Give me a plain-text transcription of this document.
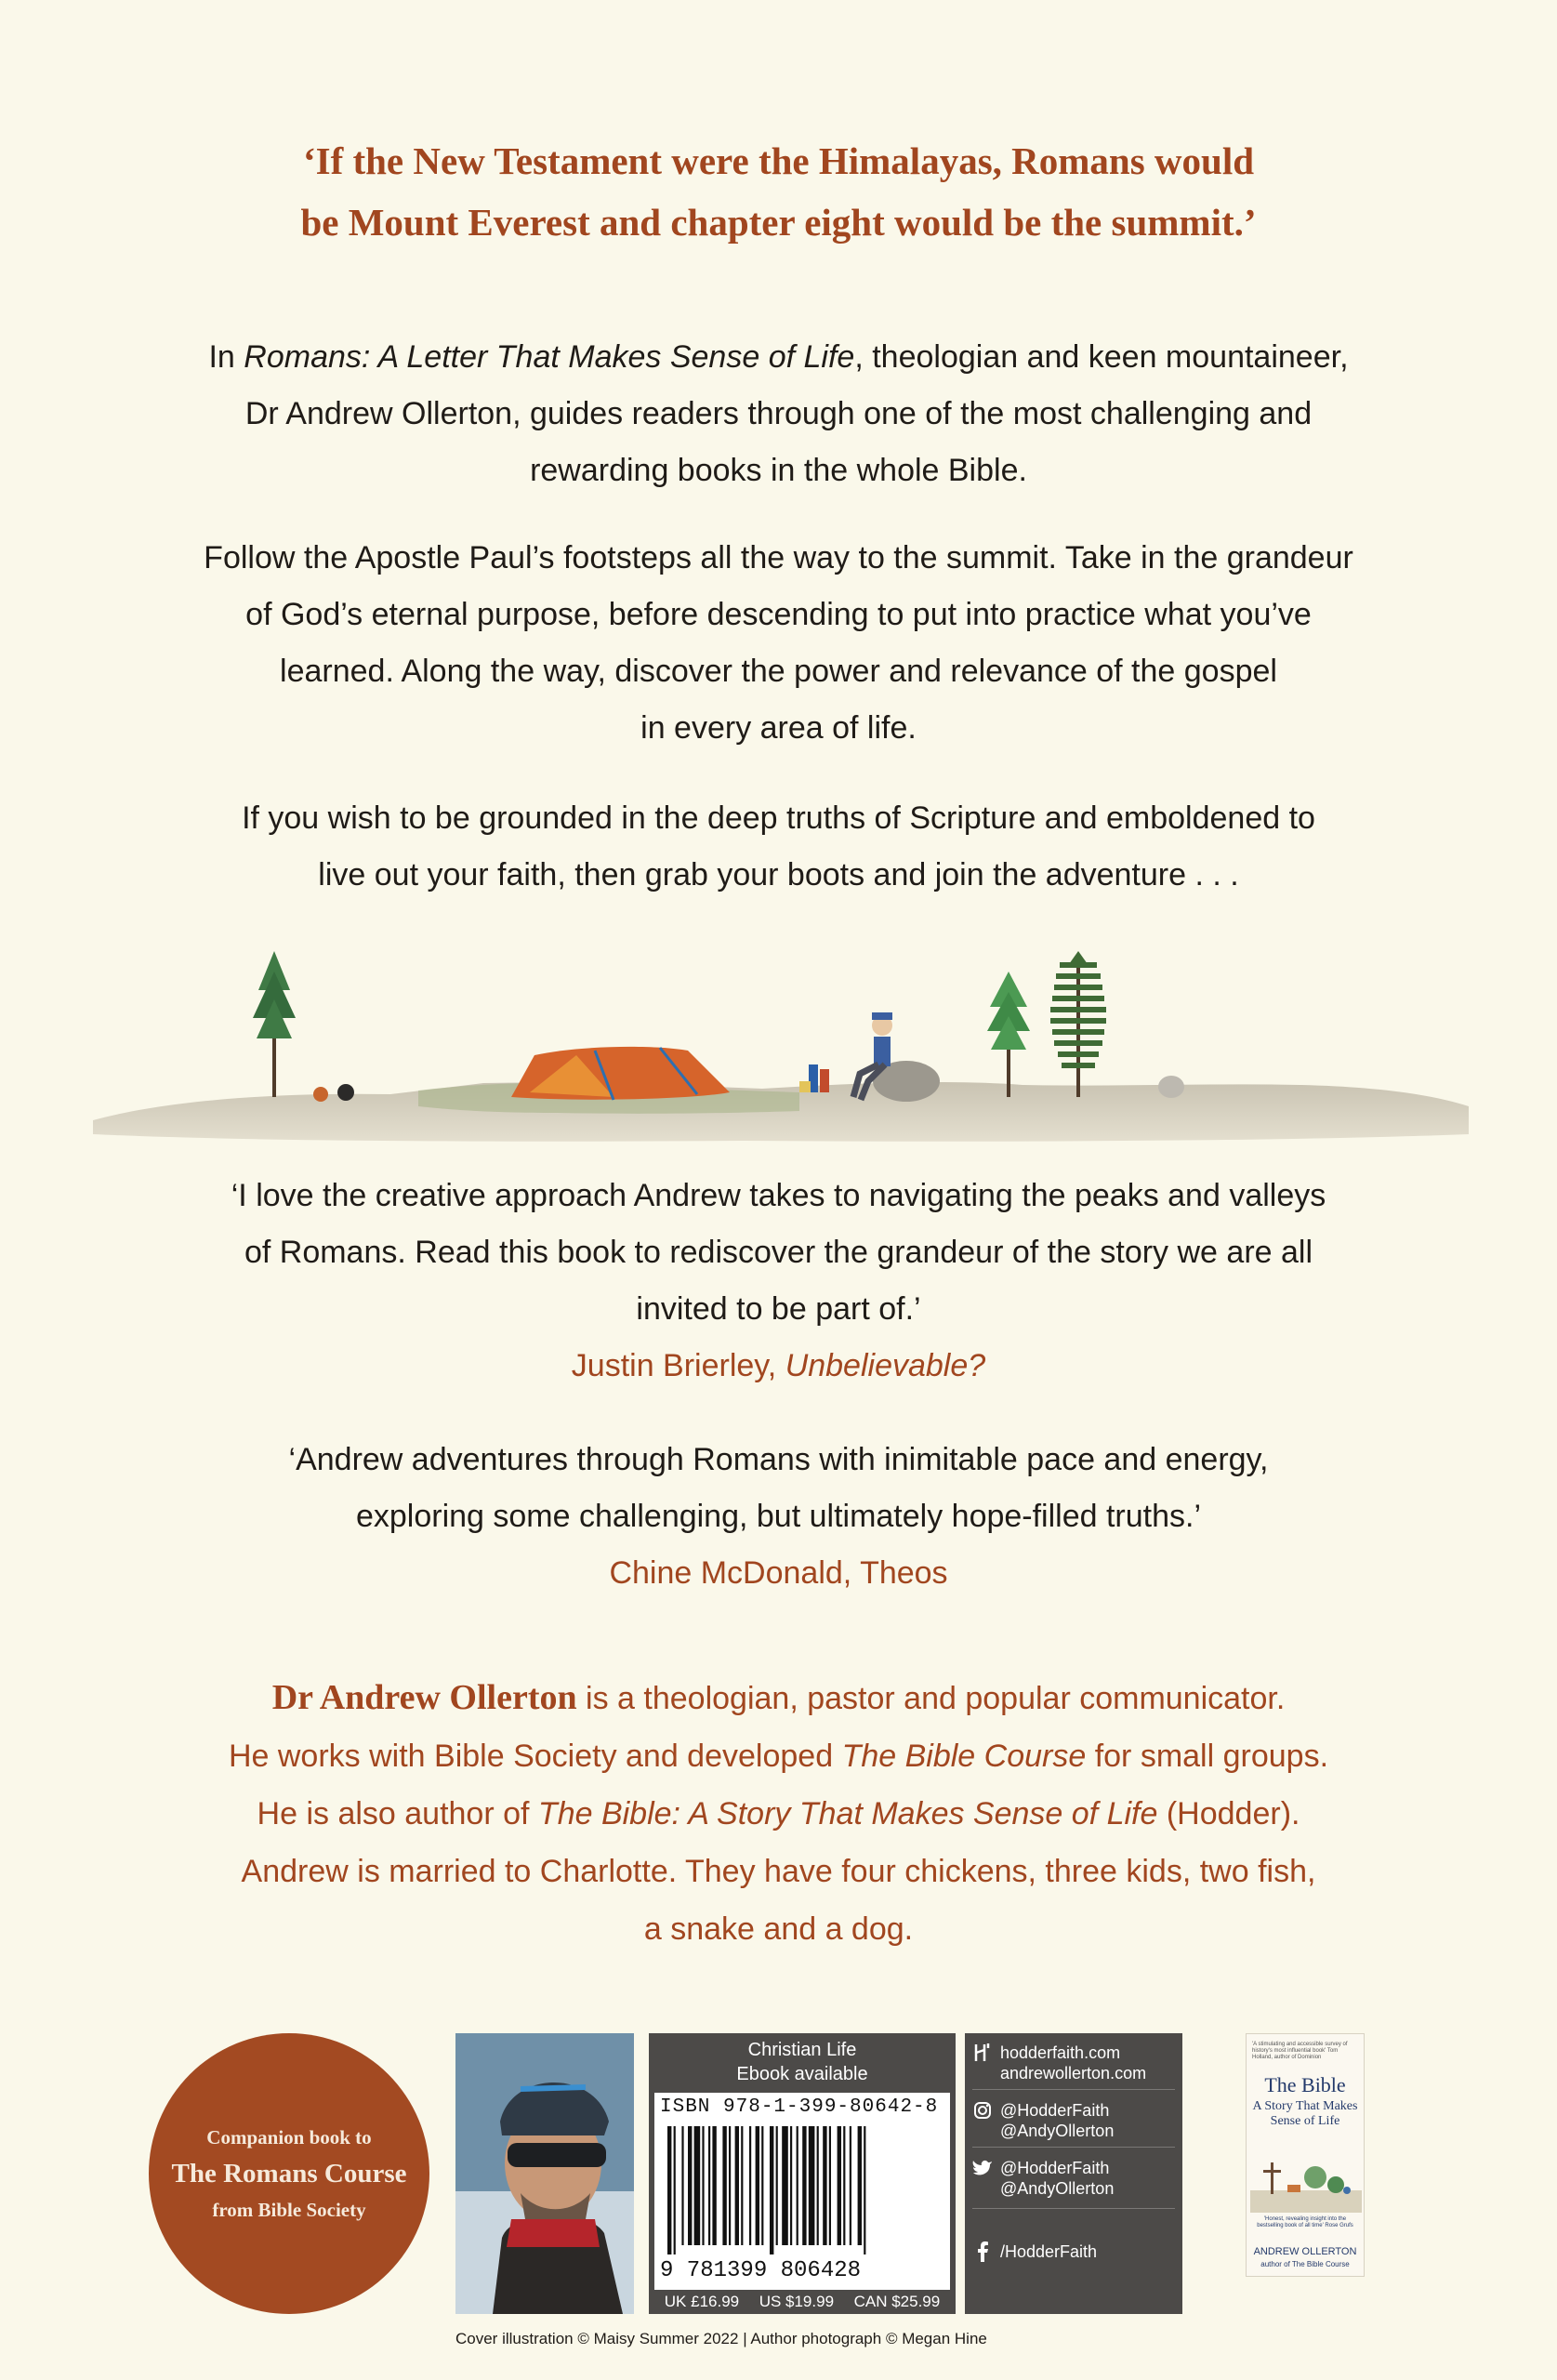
‘If the New Testament were the Himalayas, Romans would
be Mount Everest and chapter eight would be the summit.’
In Romans: A Letter That Makes Sense of Life, theologian and keen mountaineer,
Dr Andrew Ollerton, guides readers through one of the most challenging and
rewarding books in the whole Bible.
Follow the Apostle Paul’s footsteps all the way to the summit. Take in the grandeur
of God’s eternal purpose, before descending to put into practice what you’ve
learned. Along the way, discover the power and relevance of the gospel
in every area of life.
If you wish to be grounded in the deep truths of Scripture and emboldened to
live out your faith, then grab your boots and join the adventure . . .
‘I love the creative approach Andrew takes to navigating the peaks and valleys
of Romans. Read this book to rediscover the grandeur of the story we are all
invited to be part of.’
Justin Brierley, Unbelievable?
‘Andrew adventures through Romans with inimitable pace and energy,
exploring some challenging, but ultimately hope-filled truths.’
Chine McDonald, Theos
Dr Andrew Ollerton is a theologian, pastor and popular communicator.
He works with Bible Society and developed The Bible Course for small groups.
He is also author of The Bible: A Story That Makes Sense of Life (Hodder).
Andrew is married to Charlotte. They have four chickens, three kids, two fish,
a snake and a dog.
Companion book to
The Romans Course
from Bible Society
Christian Life
Ebook available
ISBN 978-1-399-80642-8
9 781399 806428
UK £16.99 US $19.99 CAN $25.99
hodderfaith.com
andrewollerton.com
@HodderFaith
@AndyOllerton
@HodderFaith
@AndyOllerton
/HodderFaith
'A stimulating and accessible survey of history's most influential book' Tom Holland, author of Dominion
The Bible
A Story That Makes
Sense of Life
'Honest, revealing insight into the bestselling book of all time' Rose Grufs
ANDREW OLLERTON
author of The Bible Course
Cover illustration © Maisy Summer 2022 | Author photograph © Megan Hine
